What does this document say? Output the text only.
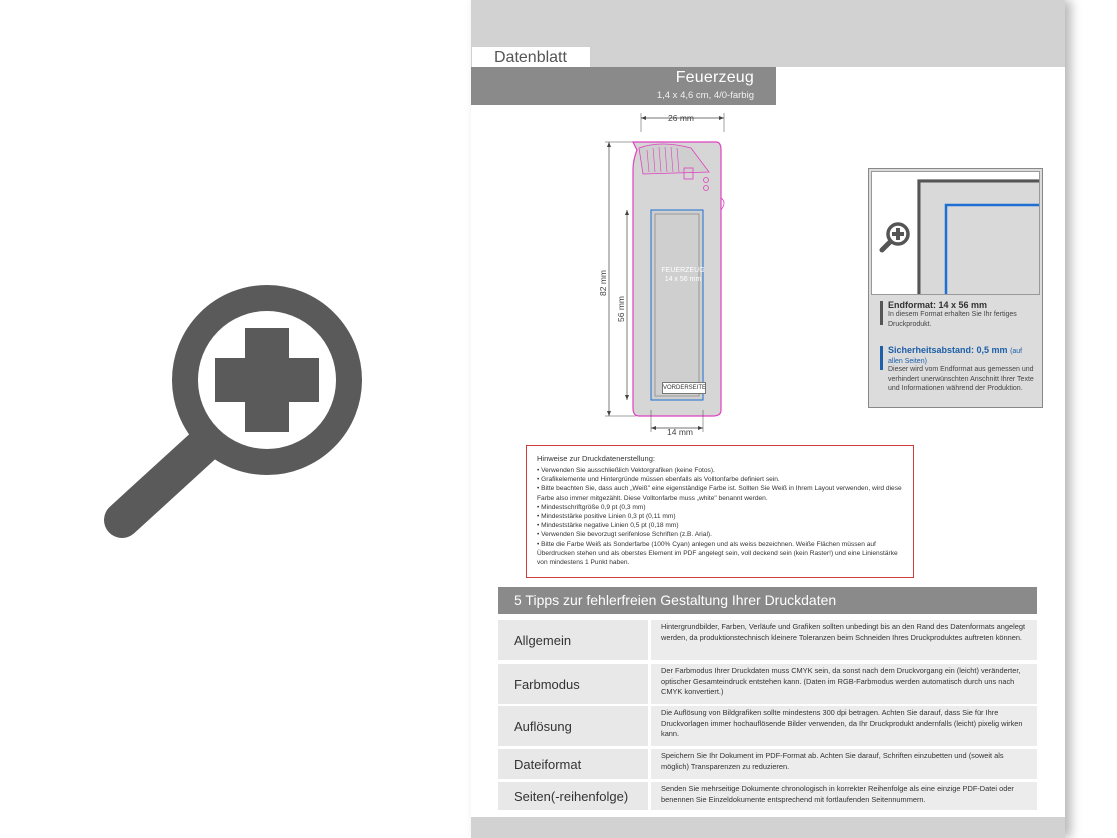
Datenblatt
Feuerzeug
1,4 x 4,6 cm, 4/0-farbig
26 mm
82 mm
56 mm
14 mm
FEUERZEUG
14 x 56 mm
VORDERSEITE
Endformat: 14 x 56 mm
In diesem Format erhalten Sie Ihr fertiges Druckprodukt.
Sicherheitsabstand: 0,5 mm (auf allen Seiten)
Dieser wird vom Endformat aus gemessen und verhindert unerwünschten Anschnitt Ihrer Texte und Informationen während der Produktion.
Hinweise zur Druckdatenerstellung:
• Verwenden Sie ausschließlich Vektorgrafiken (keine Fotos).
• Grafikelemente und Hintergründe müssen ebenfalls als Volltonfarbe definiert sein.
• Bitte beachten Sie, dass auch „Weiß" eine eigenständige Farbe ist. Sollten Sie Weiß in Ihrem Layout verwenden, wird diese Farbe also immer mitgezählt. Diese Volltonfarbe muss „white" benannt werden.
• Mindestschriftgröße 0,9 pt (0,3 mm)
• Mindeststärke positive Linien 0,3 pt (0,11 mm)
• Mindeststärke negative Linien 0,5 pt (0,18 mm)
• Verwenden Sie bevorzugt serifenlose Schriften (z.B. Arial).
• Bitte die Farbe Weiß als Sonderfarbe (100% Cyan) anlegen und als weiss bezeichnen. Weiße Flächen müssen auf Überdrucken stehen und als oberstes Element im PDF angelegt sein, voll deckend sein (kein Raster!) und eine Linienstärke von mindestens 1 Punkt haben.
5 Tipps zur fehlerfreien Gestaltung Ihrer Druckdaten
Allgemein
Hintergrundbilder, Farben, Verläufe und Grafiken sollten unbedingt bis an den Rand des Datenformats angelegt werden, da produktionstechnisch kleinere Toleranzen beim Schneiden Ihres Druckproduktes auftreten können.
Farbmodus
Der Farbmodus Ihrer Druckdaten muss CMYK sein, da sonst nach dem Druckvorgang ein (leicht) veränderter, optischer Gesamteindruck entstehen kann. (Daten im RGB-Farbmodus werden automatisch durch uns nach CMYK konvertiert.)
Auflösung
Die Auflösung von Bildgrafiken sollte mindestens 300 dpi betragen. Achten Sie darauf, dass Sie für Ihre Druckvorlagen immer hochauflösende Bilder verwenden, da Ihr Druckprodukt andernfalls (leicht) pixelig wirken kann.
Dateiformat
Speichern Sie Ihr Dokument im PDF-Format ab. Achten Sie darauf, Schriften einzubetten und (soweit als möglich) Transparenzen zu reduzieren.
Seiten(-reihenfolge)	Senden Sie mehrseitige Dokumente chronologisch in korrekter Reihenfolge als eine einzige PDF-Datei oder benennen Sie Einzeldokumente entsprechend mit fortlaufenden Seitennummern.
